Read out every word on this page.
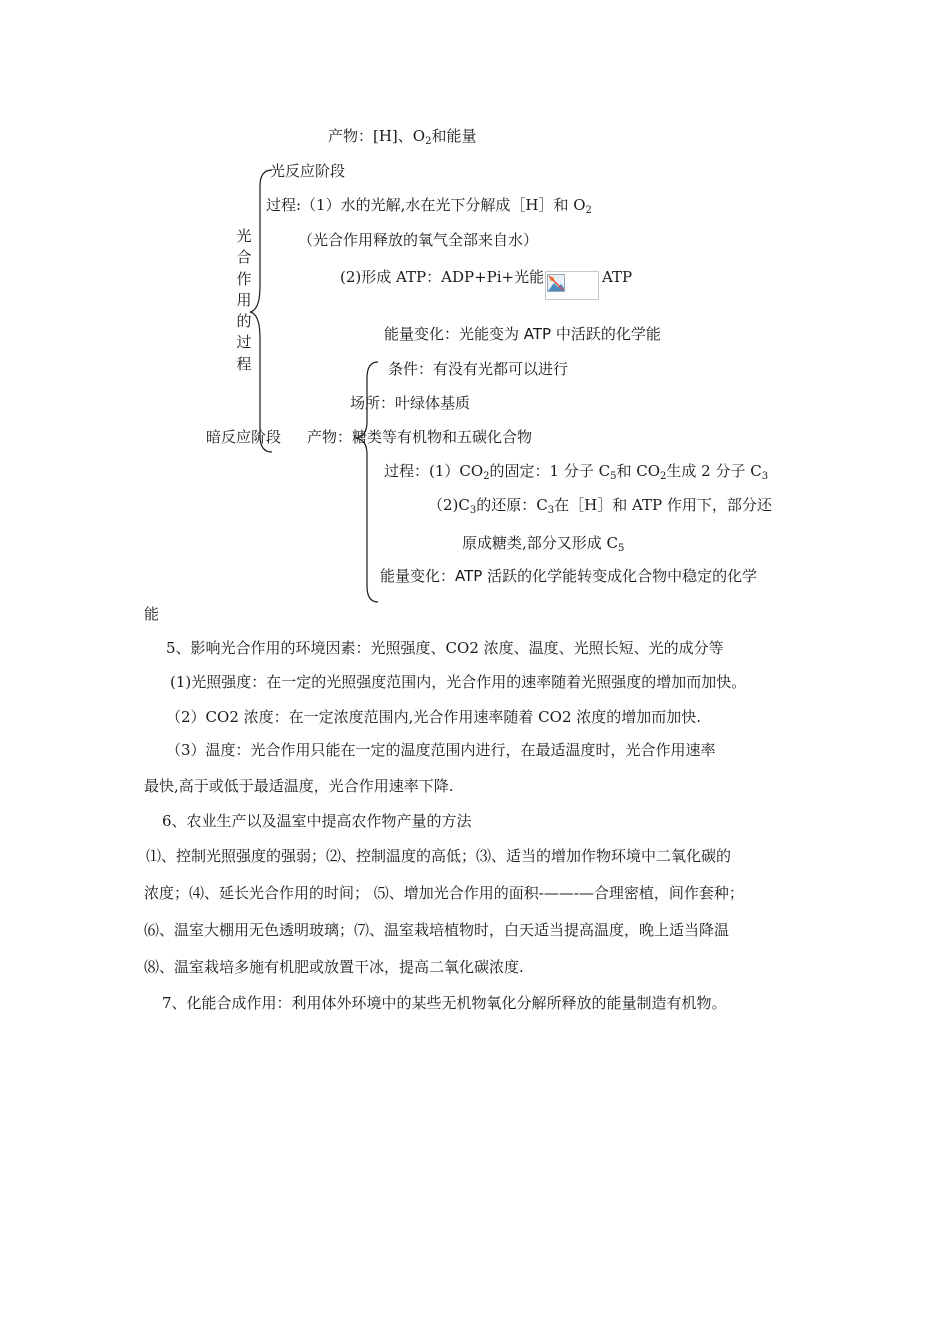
光合作用的过程
产物：[H]、$O_2$和能量
光反应阶段
过程:（1）水的光解,水在光下分解成［H］和 $O_2$
（光合作用释放的氧气全部来自水）
(2)形成 ATP：ADP+Pi+光能	ATP
能量变化：光能变为 ATP 中活跃的化学能
条件：有没有光都可以进行
场所：叶绿体基质
暗反应阶段 产物：糖类等有机物和五碳化合物
过程：$(1)CO_2$的固定：1 分子 $C_5$和 $CO_2$生成 2 分子 $C_3$
$(2)C_3$的还原：$C_3$在［H］和 ATP 作用下，部分还
原成糖类,部分又形成 $C_5$
能量变化：ATP 活跃的化学能转变成化合物中稳定的化学
能
5、影响光合作用的环境因素：光照强度、CO2 浓度、温度、光照长短、光的成分等
(1)光照强度：在一定的光照强度范围内，光合作用的速率随着光照强度的增加而加快。
（2）CO2 浓度：在一定浓度范围内,光合作用速率随着 CO2 浓度的增加而加快.
（3）温度：光合作用只能在一定的温度范围内进行，在最适温度时，光合作用速率
最快,高于或低于最适温度，光合作用速率下降.
6、农业生产以及温室中提高农作物产量的方法
⑴、控制光照强度的强弱；⑵、控制温度的高低；⑶、适当的增加作物环境中二氧化碳的
浓度；⑷、延长光合作用的时间； ⑸、增加光合作用的面积-——-—合理密植，间作套种；
⑹、温室大棚用无色透明玻璃；⑺、温室栽培植物时，白天适当提高温度，晚上适当降温
⑻、温室栽培多施有机肥或放置干冰，提高二氧化碳浓度.
7、化能合成作用：利用体外环境中的某些无机物氧化分解所释放的能量制造有机物。
